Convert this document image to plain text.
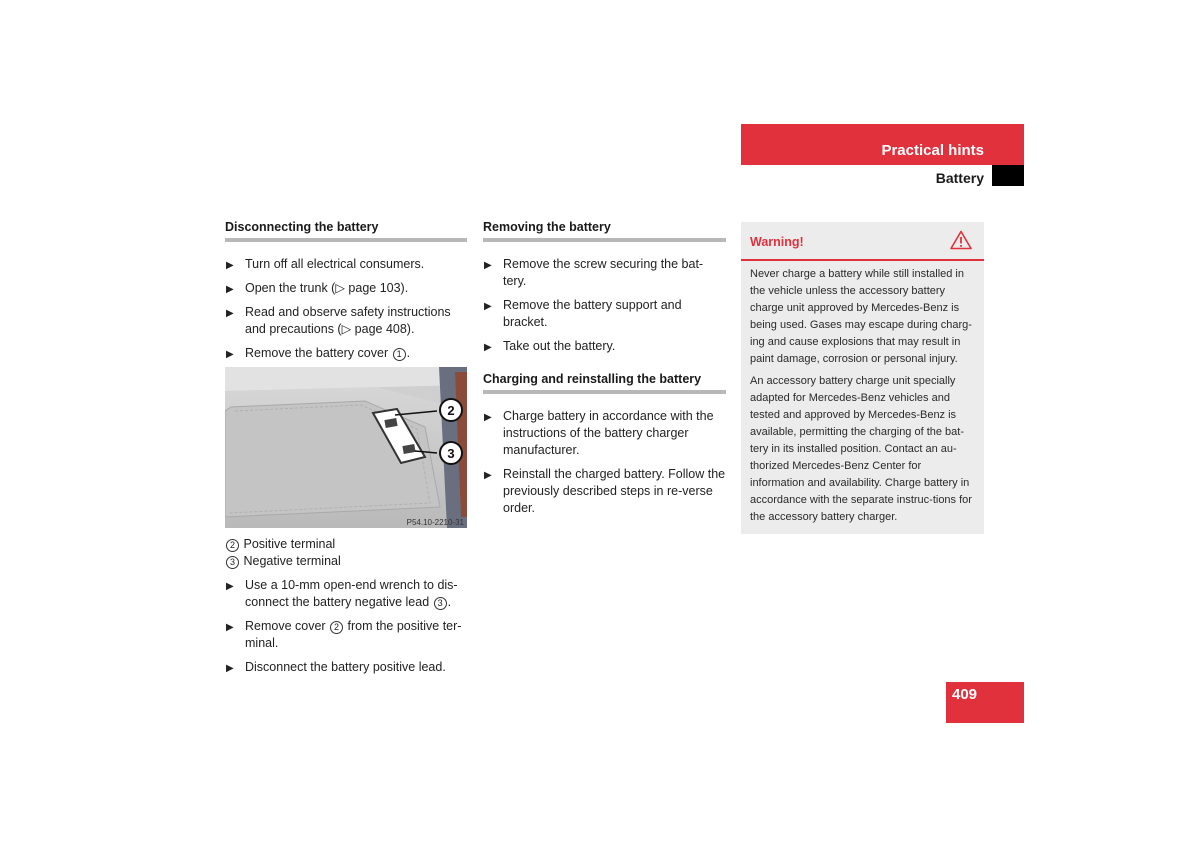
Practical hints
Battery
Disconnecting the battery
▶ Turn off all electrical consumers.
▶ Open the trunk (▷ page 103).
▶ Read and observe safety instructions and precautions (▷ page 408).
▶ Remove the battery cover 1 .
2
3
P54.10-2210-31
2 Positive terminal
3 Negative terminal
▶ Use a 10-mm open-end wrench to dis-connect the battery negative lead 3 .
▶ Remove cover 2 from the positive ter-minal.
▶ Disconnect the battery positive lead.
Removing the battery
▶ Remove the screw securing the bat-tery.
▶ Remove the battery support and bracket.
▶ Take out the battery.
Charging and reinstalling the battery
▶ Charge battery in accordance with the instructions of the battery charger manufacturer.
▶ Reinstall the charged battery. Follow the previously described steps in re-verse order.
Warning!

Never charge a battery while still installed in the vehicle unless the accessory battery charge unit approved by Mercedes-Benz is being used. Gases may escape during charg-ing and cause explosions that may result in paint damage, corrosion or personal injury.

An accessory battery charge unit specially adapted for Mercedes-Benz vehicles and tested and approved by Mercedes-Benz is available, permitting the charging of the bat-tery in its installed position. Contact an au-thorized Mercedes-Benz Center for information and availability. Charge battery in accordance with the separate instruc-tions for the accessory battery charger.

409
